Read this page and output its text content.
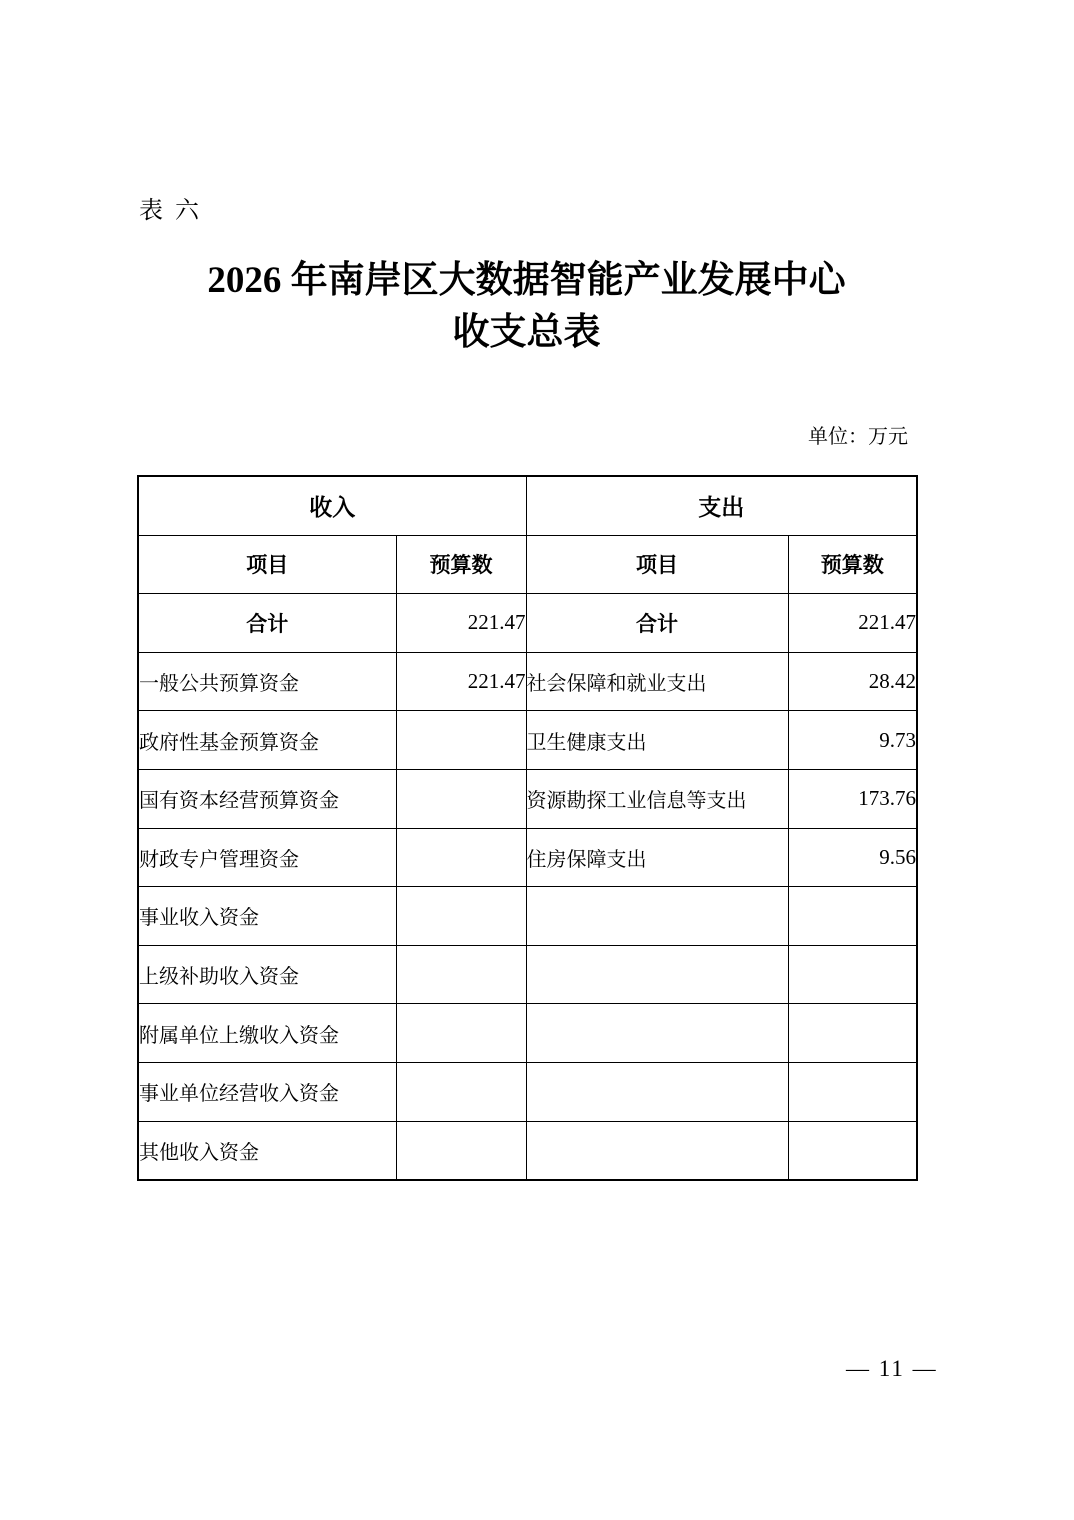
表六
2026 年南岸区大数据智能产业发展中心
收支总表
单位：万元
收入		支出	
项目	预算数	项目	预算数
合计	221.47	合计	221.47
一般公共预算资金	221.47	社会保障和就业支出	28.42
政府性基金预算资金		卫生健康支出	9.73
国有资本经营预算资金		资源勘探工业信息等支出	173.76
财政专户管理资金		住房保障支出	9.56
事业收入资金			
上级补助收入资金			
附属单位上缴收入资金			
事业单位经营收入资金			
其他收入资金			
— 11 —
